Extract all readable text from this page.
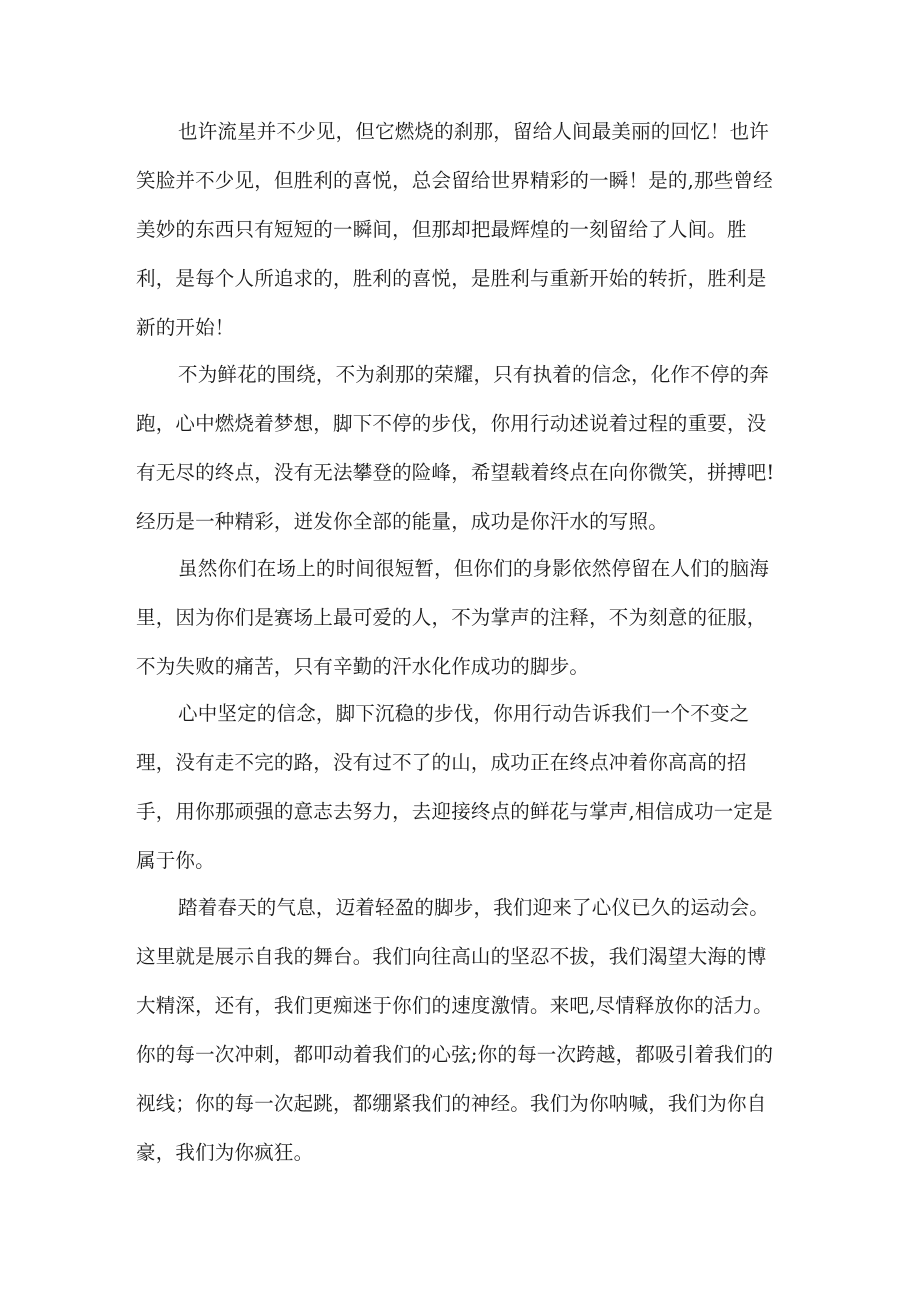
也许流星并不少见，但它燃烧的刹那，留给人间最美丽的回忆！也许
笑脸并不少见，但胜利的喜悦，总会留给世界精彩的一瞬！是的,那些曾经
美妙的东西只有短短的一瞬间，但那却把最辉煌的一刻留给了人间。胜
利，是每个人所追求的，胜利的喜悦，是胜利与重新开始的转折，胜利是
新的开始！
不为鲜花的围绕，不为刹那的荣耀，只有执着的信念，化作不停的奔
跑，心中燃烧着梦想，脚下不停的步伐，你用行动述说着过程的重要，没
有无尽的终点，没有无法攀登的险峰，希望载着终点在向你微笑，拼搏吧!
经历是一种精彩，迸发你全部的能量，成功是你汗水的写照。
虽然你们在场上的时间很短暂，但你们的身影依然停留在人们的脑海
里，因为你们是赛场上最可爱的人，不为掌声的注释，不为刻意的征服，
不为失败的痛苦，只有辛勤的汗水化作成功的脚步。
心中坚定的信念，脚下沉稳的步伐，你用行动告诉我们一个不变之
理，没有走不完的路，没有过不了的山，成功正在终点冲着你高高的招
手，用你那顽强的意志去努力，去迎接终点的鲜花与掌声,相信成功一定是
属于你。
踏着春天的气息，迈着轻盈的脚步，我们迎来了心仪已久的运动会。
这里就是展示自我的舞台。我们向往高山的坚忍不拔，我们渴望大海的博
大精深，还有，我们更痴迷于你们的速度激情。来吧,尽情释放你的活力。
你的每一次冲刺，都叩动着我们的心弦;你的每一次跨越，都吸引着我们的
视线；你的每一次起跳，都绷紧我们的神经。我们为你呐喊，我们为你自
豪，我们为你疯狂。
